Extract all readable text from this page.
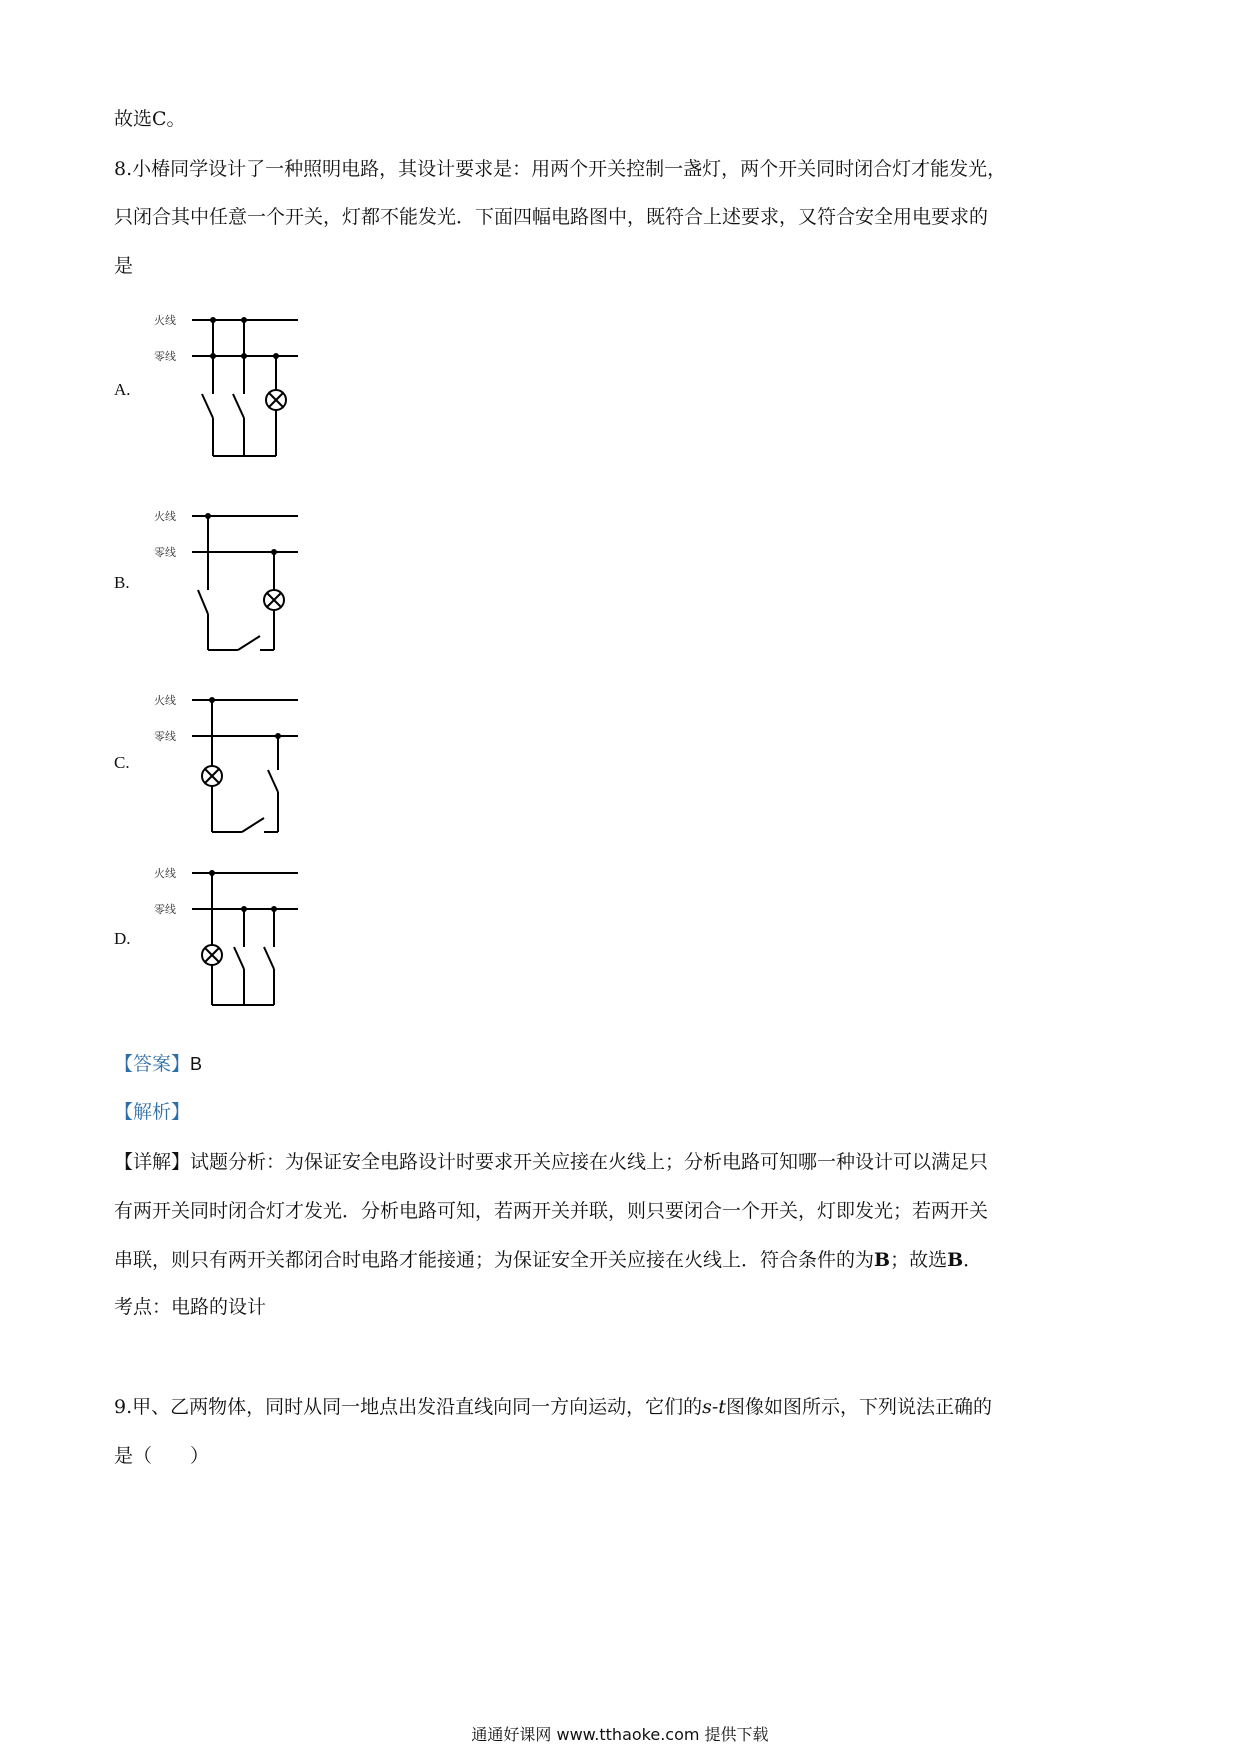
故选C。
8.小椿同学设计了一种照明电路，其设计要求是：用两个开关控制一盏灯，两个开关同时闭合灯才能发光，
只闭合其中任意一个开关，灯都不能发光．下面四幅电路图中，既符合上述要求，又符合安全用电要求的
是
A.
B.
C.
D.
火线
零线
火线
零线
火线
零线
火线
零线
【答案】B
【解析】
【详解】试题分析：为保证安全电路设计时要求开关应接在火线上；分析电路可知哪一种设计可以满足只
有两开关同时闭合灯才发光．分析电路可知，若两开关并联，则只要闭合一个开关，灯即发光；若两开关
串联，则只有两开关都闭合时电路才能接通；为保证安全开关应接在火线上．符合条件的为B；故选B．
考点：电路的设计
9.甲、乙两物体，同时从同一地点出发沿直线向同一方向运动，它们的s-t图像如图所示，下列说法正确的
是（　　）
通通好课网 www.tthaoke.com 提供下载
